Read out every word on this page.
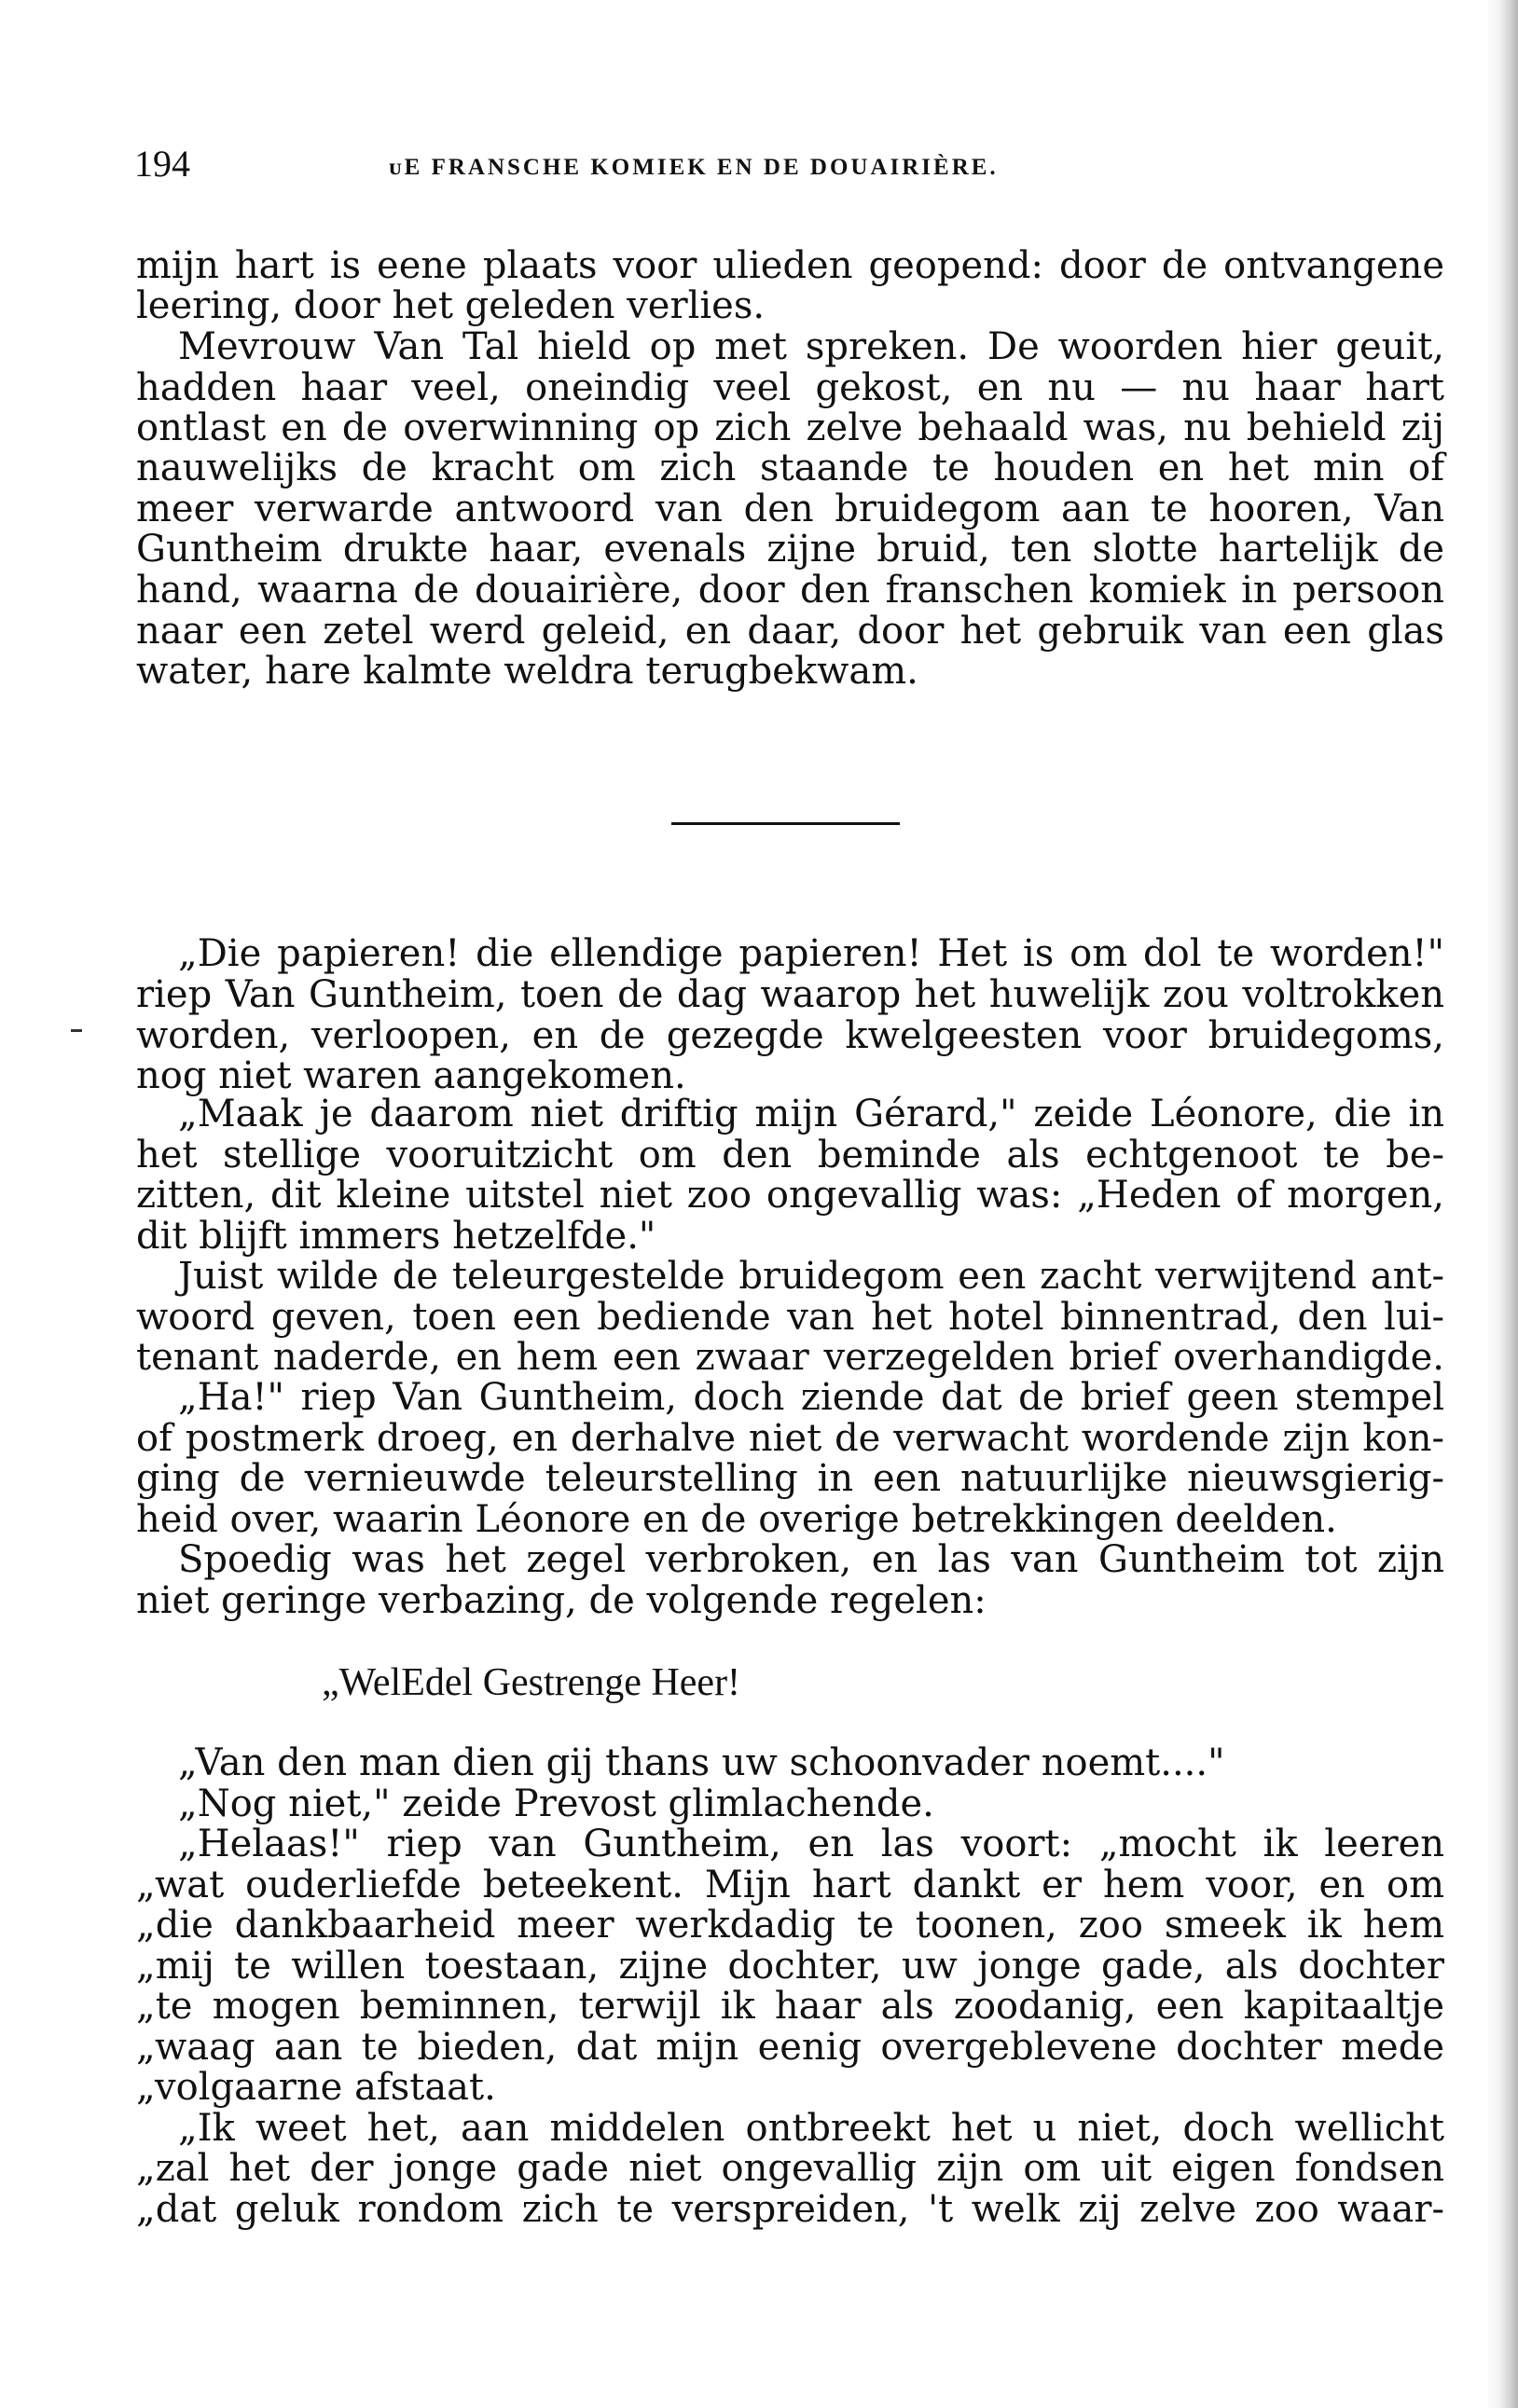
194	ᴜE FRANSCHE KOMIEK EN DE DOUAIRIÈRE.
mijn hart is eene plaats voor ulieden geopend: door de ontvangene
leering, door het geleden verlies.
Mevrouw Van Tal hield op met spreken. De woorden hier geuit,
hadden haar veel, oneindig veel gekost, en nu — nu haar hart
ontlast en de overwinning op zich zelve behaald was, nu behield zij
nauwelijks de kracht om zich staande te houden en het min of
meer verwarde antwoord van den bruidegom aan te hooren, Van
Guntheim drukte haar, evenals zijne bruid, ten slotte hartelijk de
hand, waarna de douairière, door den franschen komiek in persoon
naar een zetel werd geleid, en daar, door het gebruik van een glas
water, hare kalmte weldra terugbekwam.
„Die papieren! die ellendige papieren! Het is om dol te worden!"
riep Van Guntheim, toen de dag waarop het huwelijk zou voltrokken
worden, verloopen, en de gezegde kwelgeesten voor bruidegoms,
nog niet waren aangekomen.
„Maak je daarom niet driftig mijn Gérard," zeide Léonore, die in
het stellige vooruitzicht om den beminde als echtgenoot te be-
zitten, dit kleine uitstel niet zoo ongevallig was: „Heden of morgen,
dit blijft immers hetzelfde."
Juist wilde de teleurgestelde bruidegom een zacht verwijtend ant-
woord geven, toen een bediende van het hotel binnentrad, den lui-
tenant naderde, en hem een zwaar verzegelden brief overhandigde.
„Ha!" riep Van Guntheim, doch ziende dat de brief geen stempel
of postmerk droeg, en derhalve niet de verwacht wordende zijn kon-
ging de vernieuwde teleurstelling in een natuurlijke nieuwsgierig-
heid over, waarin Léonore en de overige betrekkingen deelden.
Spoedig was het zegel verbroken, en las van Guntheim tot zijn
niet geringe verbazing, de volgende regelen:
„WelEdel Gestrenge Heer!
„Van den man dien gij thans uw schoonvader noemt...."
„Nog niet," zeide Prevost glimlachende.
„Helaas!" riep van Guntheim, en las voort: „mocht ik leeren
„wat ouderliefde beteekent. Mijn hart dankt er hem voor, en om
„die dankbaarheid meer werkdadig te toonen, zoo smeek ik hem
„mij te willen toestaan, zijne dochter, uw jonge gade, als dochter
„te mogen beminnen, terwijl ik haar als zoodanig, een kapitaaltje
„waag aan te bieden, dat mijn eenig overgeblevene dochter mede
„volgaarne afstaat.
„Ik weet het, aan middelen ontbreekt het u niet, doch wellicht
„zal het der jonge gade niet ongevallig zijn om uit eigen fondsen
„dat geluk rondom zich te verspreiden, 't welk zij zelve zoo waar-
